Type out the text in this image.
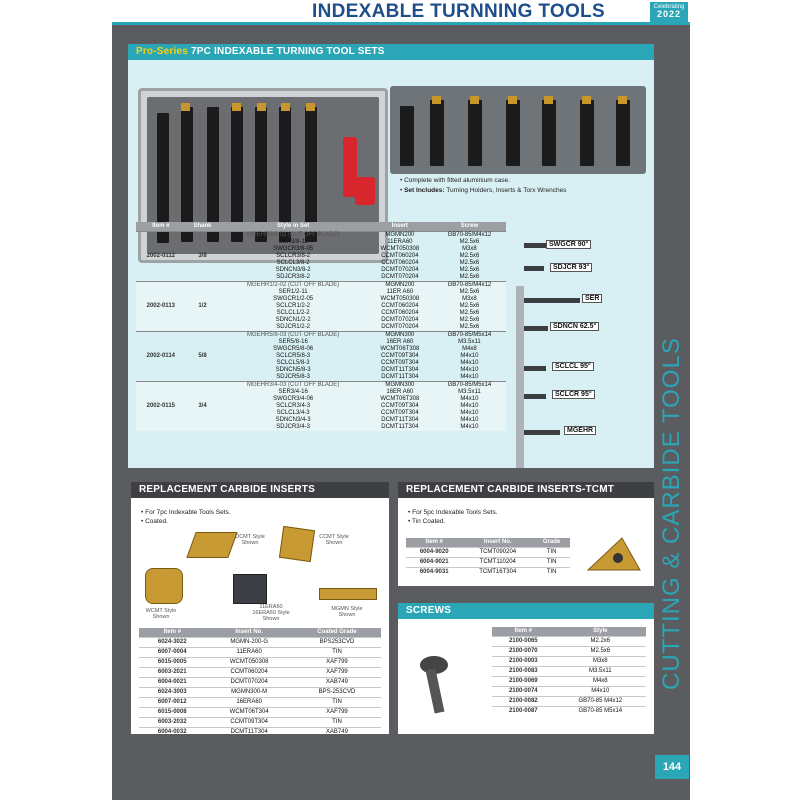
INDEXABLE TURNNING TOOLS	Celebrating
2022
Pro-Series 7PC INDEXABLE TURNING TOOL SETS
• Complete with fitted aluminium case.
• Set Includes: Turning Holders, Inserts & Torx Wrenches
Item #	Shank	Style in Set	Insert	Screw
2002-0112	3/8	MGEHR3/8-02 (CUT OFF BLADE)	MGMN200	GB70-85/M4x12
		SER3/8-11	11ERA60	M2.5x6
		SWGCR3/8-05	WCMT050308	M3x8
		SCLCR3/8-2	CCMT060204	M2.5x6
		SCLCL3/8-2	CCMT060204	M2.5x6
		SDNCN3/8-2	DCMT070204	M2.5x6
		SDJCR3/8-2	DCMT070204	M2.5x6
2002-0113	1/2	MGEHR1/2-02 (CUT OFF BLADE)	MGMN200	GB70-85/M4x12
		SER1/2-11	11ER A60	M2.5x6
		SWGCR1/2-05	WCMT050308	M3x8
		SCLCR1/2-2	CCMT060204	M2.5x6
		SCLCL1/2-2	CCMT060204	M2.5x6
		SDNCN1/2-2	DCMT070204	M2.5x6
		SDJCR1/2-2	DCMT070204	M2.5x6
2002-0114	5/8	MGEHR5/8-03 (CUT OFF BLADE)	MGMN300	GB70-85/M5x14
		SER5/8-16	16ER A60	M3.5x11
		SWGCR5/8-06	WCMT06T308	M4x8
		SCLCR5/8-3	CCMT09T304	M4x10
		SCLCL5/8-3	CCMT09T304	M4x10
		SDNCN5/8-3	DCMT11T304	M4x10
		SDJCR5/8-3	DCMT11T304	M4x10
2002-0115	3/4	MGEHR3/4-03 (CUT OFF BLADE)	MGMN300	GB70-85/M5x14
		SER3/4-16	16ER A60	M3.5x11
		SWGCR3/4-06	WCMT06T308	M4x10
		SCLCR3/4-3	CCMT09T304	M4x10
		SCLCL3/4-3	CCMT09T304	M4x10
		SDNCN3/4-3	DCMT11T304	M4x10
		SDJCR3/4-3	DCMT11T304	M4x10
SWGCR 90°
SDJCR 93°
SER
SDNCN 62.5°
SCLCL 95°
SCLCR 95°
MGEHR
REPLACEMENT CARBIDE INSERTS
• For 7pc Indexable Tools Sets.
• Coated.
DCMT Style Shown
CCMT Style Shown
WCMT Style Shown
11ERA60 16ERA60 Style Shown
MGMN Style Shown
Item #	Insert No.	Coated Grade
6024-3022	MGMN-200-G	BPS253CVD
6007-0004	11ERA60	TIN
6015-0005	WCMT050308	XAF799
6003-2021	CCMT060204	XAF799
6004-0021	DCMT070204	XAB749
6024-3003	MGMN300-M	BPS-253CVD
6007-0012	16ERA60	TIN
6015-0008	WCMT06T304	XAF799
6003-2032	CCMT09T304	TIN
6004-0032	DCMT11T304	XAB749
REPLACEMENT CARBIDE INSERTS-TCMT
• For 5pc Indexable Tools Sets.
• Tin Coated.
Item #	Insert No.	Grade
6004-9020	TCMT090204	TIN
6004-9021	TCMT110204	TIN
6004-9031	TCMT16T304	TIN
SCREWS
Item #	Style
2100-0065	M2.2x6
2100-0070	M2.5x6
2100-0003	M3x8
2100-0083	M3.5x11
2100-0069	M4x8
2100-0074	M4x10
2100-0082	GB70-85 M4x12
2100-0087	GB70-85 M5x14
CUTTING & CARBIDE TOOLS
144
